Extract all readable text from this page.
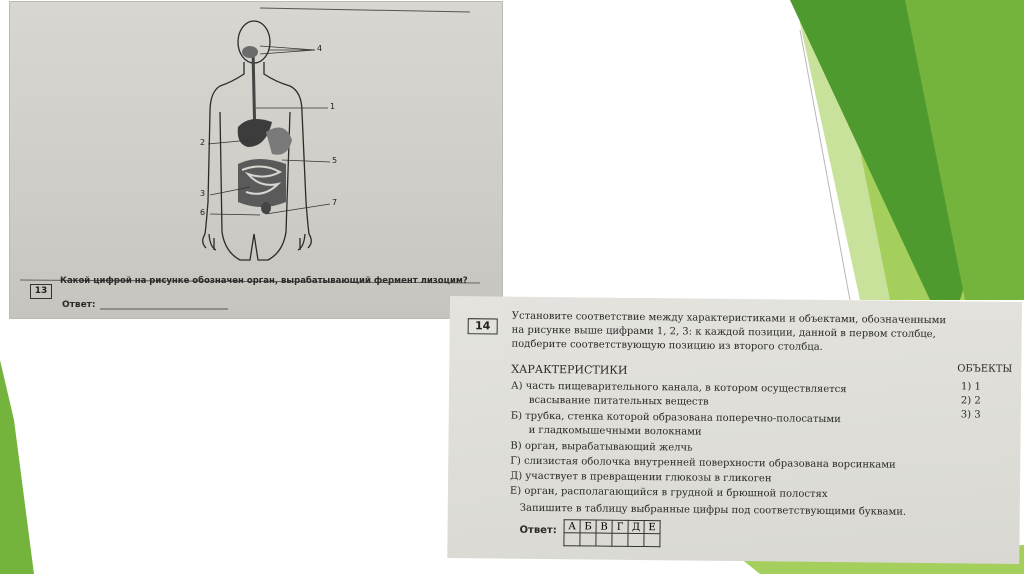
4
1
2
5
3
7
6
13
Какой цифрой на рисунке обозначен орган, вырабатывающий фермент лизоцим?
Ответ:
14	Установите соответствие между характеристиками и объектами, обозначенными
на рисунке выше цифрами 1, 2, 3: к каждой позиции, данной в первом столбце,
подберите соответствующую позицию из второго столбца.
ХАРАКТЕРИСТИКИ	ОБЪЕКТЫ
А) часть пищеварительного канала, в котором осуществляется
всасывание питательных веществ
Б) трубка, стенка которой образована поперечно-полосатыми
и гладкомышечными волокнами
В) орган, вырабатывающий желчь
Г) слизистая оболочка внутренней поверхности образована ворсинками
Д) участвует в превращении глюкозы в гликоген
Е) орган, располагающийся в грудной и брюшной полостях
1) 1
2) 2
3) 3
Запишите в таблицу выбранные цифры под соответствующими буквами.
Ответ: А	Б	В	Г	Д	Е
